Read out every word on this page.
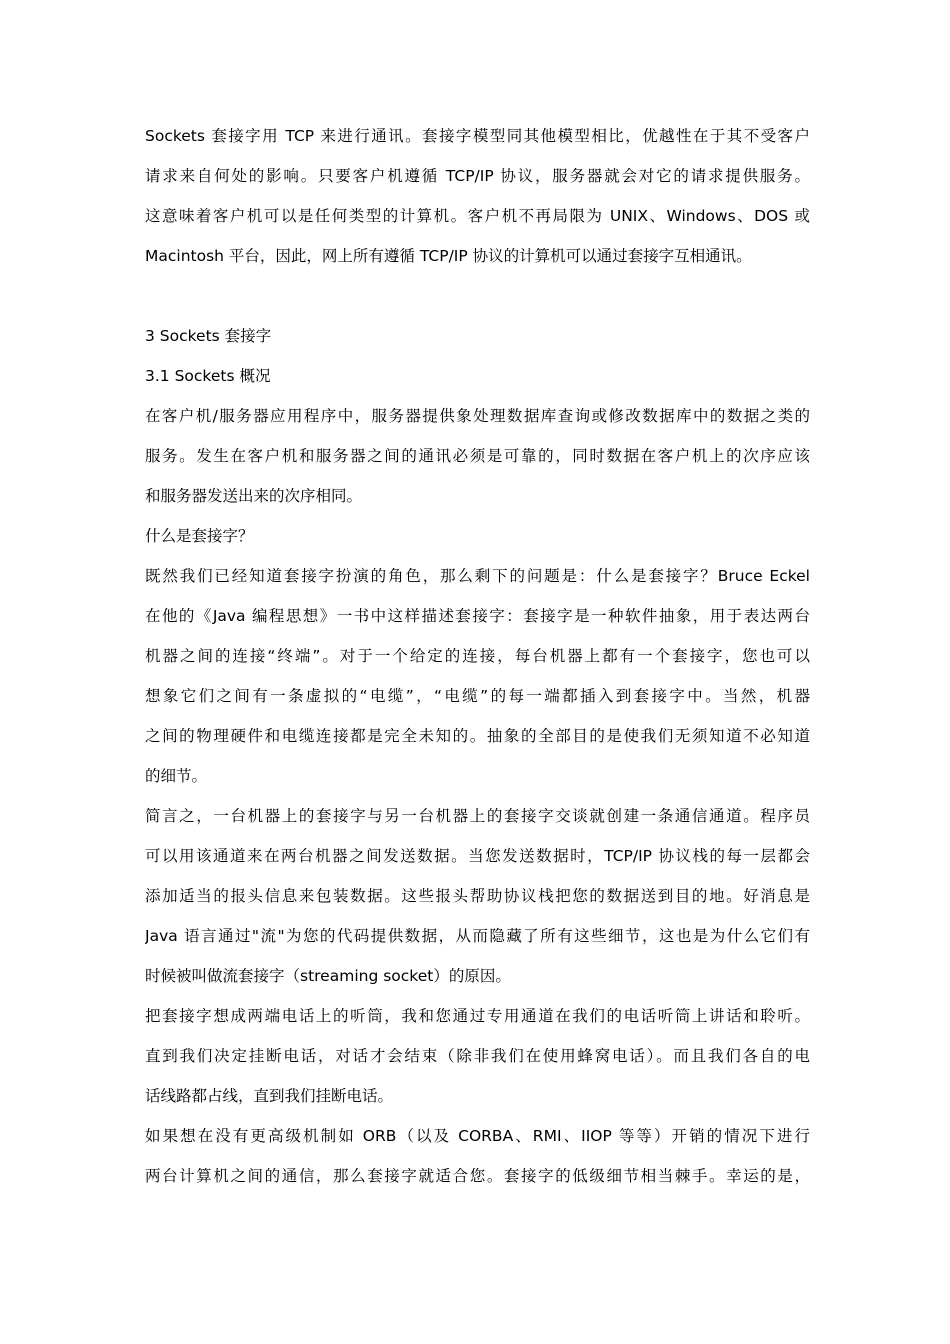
Sockets 套接字用 TCP 来进行通讯。套接字模型同其他模型相比，优越性在于其不受客户
请求来自何处的影响。只要客户机遵循 TCP/IP 协议，服务器就会对它的请求提供服务。
这意味着客户机可以是任何类型的计算机。客户机不再局限为 UNIX、Windows、DOS 或
Macintosh 平台，因此，网上所有遵循 TCP/IP 协议的计算机可以通过套接字互相通讯。
3 Sockets 套接字
3.1 Sockets 概况
在客户机/服务器应用程序中，服务器提供象处理数据库查询或修改数据库中的数据之类的
服务。发生在客户机和服务器之间的通讯必须是可靠的，同时数据在客户机上的次序应该
和服务器发送出来的次序相同。
什么是套接字？
既然我们已经知道套接字扮演的角色，那么剩下的问题是：什么是套接字？Bruce Eckel
在他的《Java 编程思想》一书中这样描述套接字：套接字是一种软件抽象，用于表达两台
机器之间的连接“终端”。对于一个给定的连接，每台机器上都有一个套接字，您也可以
想象它们之间有一条虚拟的“电缆”，“电缆”的每一端都插入到套接字中。当然，机器
之间的物理硬件和电缆连接都是完全未知的。抽象的全部目的是使我们无须知道不必知道
的细节。
简言之，一台机器上的套接字与另一台机器上的套接字交谈就创建一条通信通道。程序员
可以用该通道来在两台机器之间发送数据。当您发送数据时，TCP/IP 协议栈的每一层都会
添加适当的报头信息来包装数据。这些报头帮助协议栈把您的数据送到目的地。好消息是
Java 语言通过"流"为您的代码提供数据，从而隐藏了所有这些细节，这也是为什么它们有
时候被叫做流套接字（streaming socket）的原因。
把套接字想成两端电话上的听筒，我和您通过专用通道在我们的电话听筒上讲话和聆听。
直到我们决定挂断电话，对话才会结束（除非我们在使用蜂窝电话）。而且我们各自的电
话线路都占线，直到我们挂断电话。
如果想在没有更高级机制如 ORB（以及 CORBA、RMI、IIOP 等等）开销的情况下进行
两台计算机之间的通信，那么套接字就适合您。套接字的低级细节相当棘手。幸运的是，
